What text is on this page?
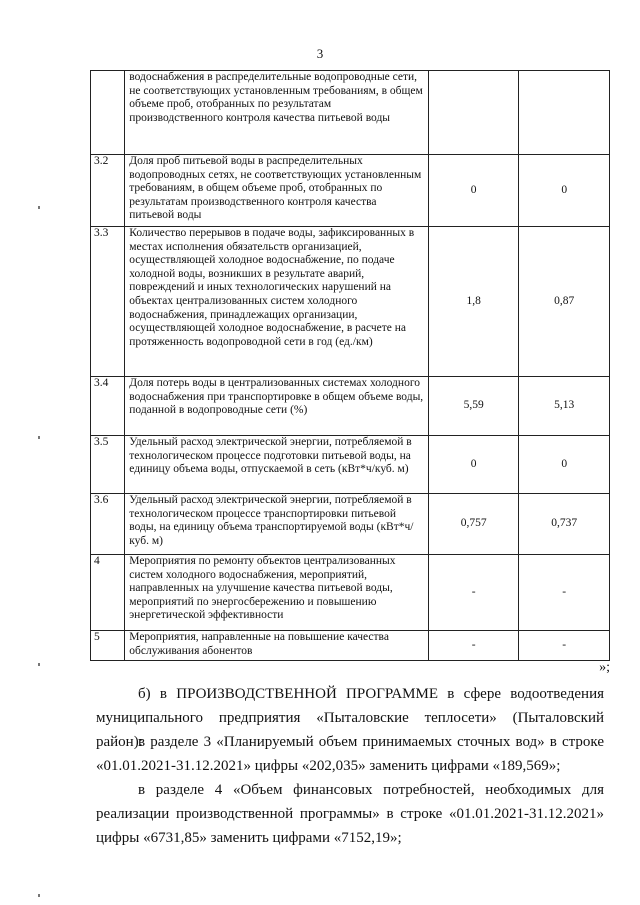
3
	водоснабжения в распределительные водопроводные сети, не соответствующих установленным требованиям, в общем объеме проб, отобранных по результатам производственного контроля качества питьевой воды		
3.2	Доля проб питьевой воды в распределительных водопроводных сетях, не соответствующих установленным требованиям, в общем объеме проб, отобранных по результатам производственного контроля качества питьевой воды	0	0
3.3	Количество перерывов в подаче воды, зафиксированных в местах исполнения обязательств организацией, осуществляющей холодное водоснабжение, по подаче холодной воды, возникших в результате аварий, повреждений и иных технологических нарушений на объектах централизованных систем холодного водоснабжения, принадлежащих организации, осуществляющей холодное водоснабжение, в расчете на протяженность водопроводной сети в год (ед./км)	1,8	0,87
3.4	Доля потерь воды в централизованных системах холодного водоснабжения при транспортировке в общем объеме воды, поданной в водопроводные сети (%)	5,59	5,13
3.5	Удельный расход электрической энергии, потребляемой в технологическом процессе подготовки питьевой воды, на единицу объема воды, отпускаемой в сеть (кВт*ч/куб. м)	0	0
3.6	Удельный расход электрической энергии, потребляемой в технологическом процессе транспортировки питьевой воды, на единицу объема транспортируемой воды (кВт*ч/куб. м)	0,757	0,737
4	Мероприятия по ремонту объектов централизованных систем холодного водоснабжения, мероприятий, направленных на улучшение качества питьевой воды, мероприятий по энергосбережению и повышению энергетической эффективности	-	-
5	Мероприятия, направленные на повышение качества обслуживания абонентов	-	-
»;
б) в ПРОИЗВОДСТВЕННОЙ ПРОГРАММЕ в сфере водоотведения муниципального предприятия «Пыталовские теплосети» (Пыталовский район):
в разделе 3 «Планируемый объем принимаемых сточных вод» в строке «01.01.2021-31.12.2021» цифры «202,035» заменить цифрами «189,569»;
в разделе 4 «Объем финансовых потребностей, необходимых для реализации производственной программы» в строке «01.01.2021-31.12.2021» цифры «6731,85» заменить цифрами «7152,19»;
